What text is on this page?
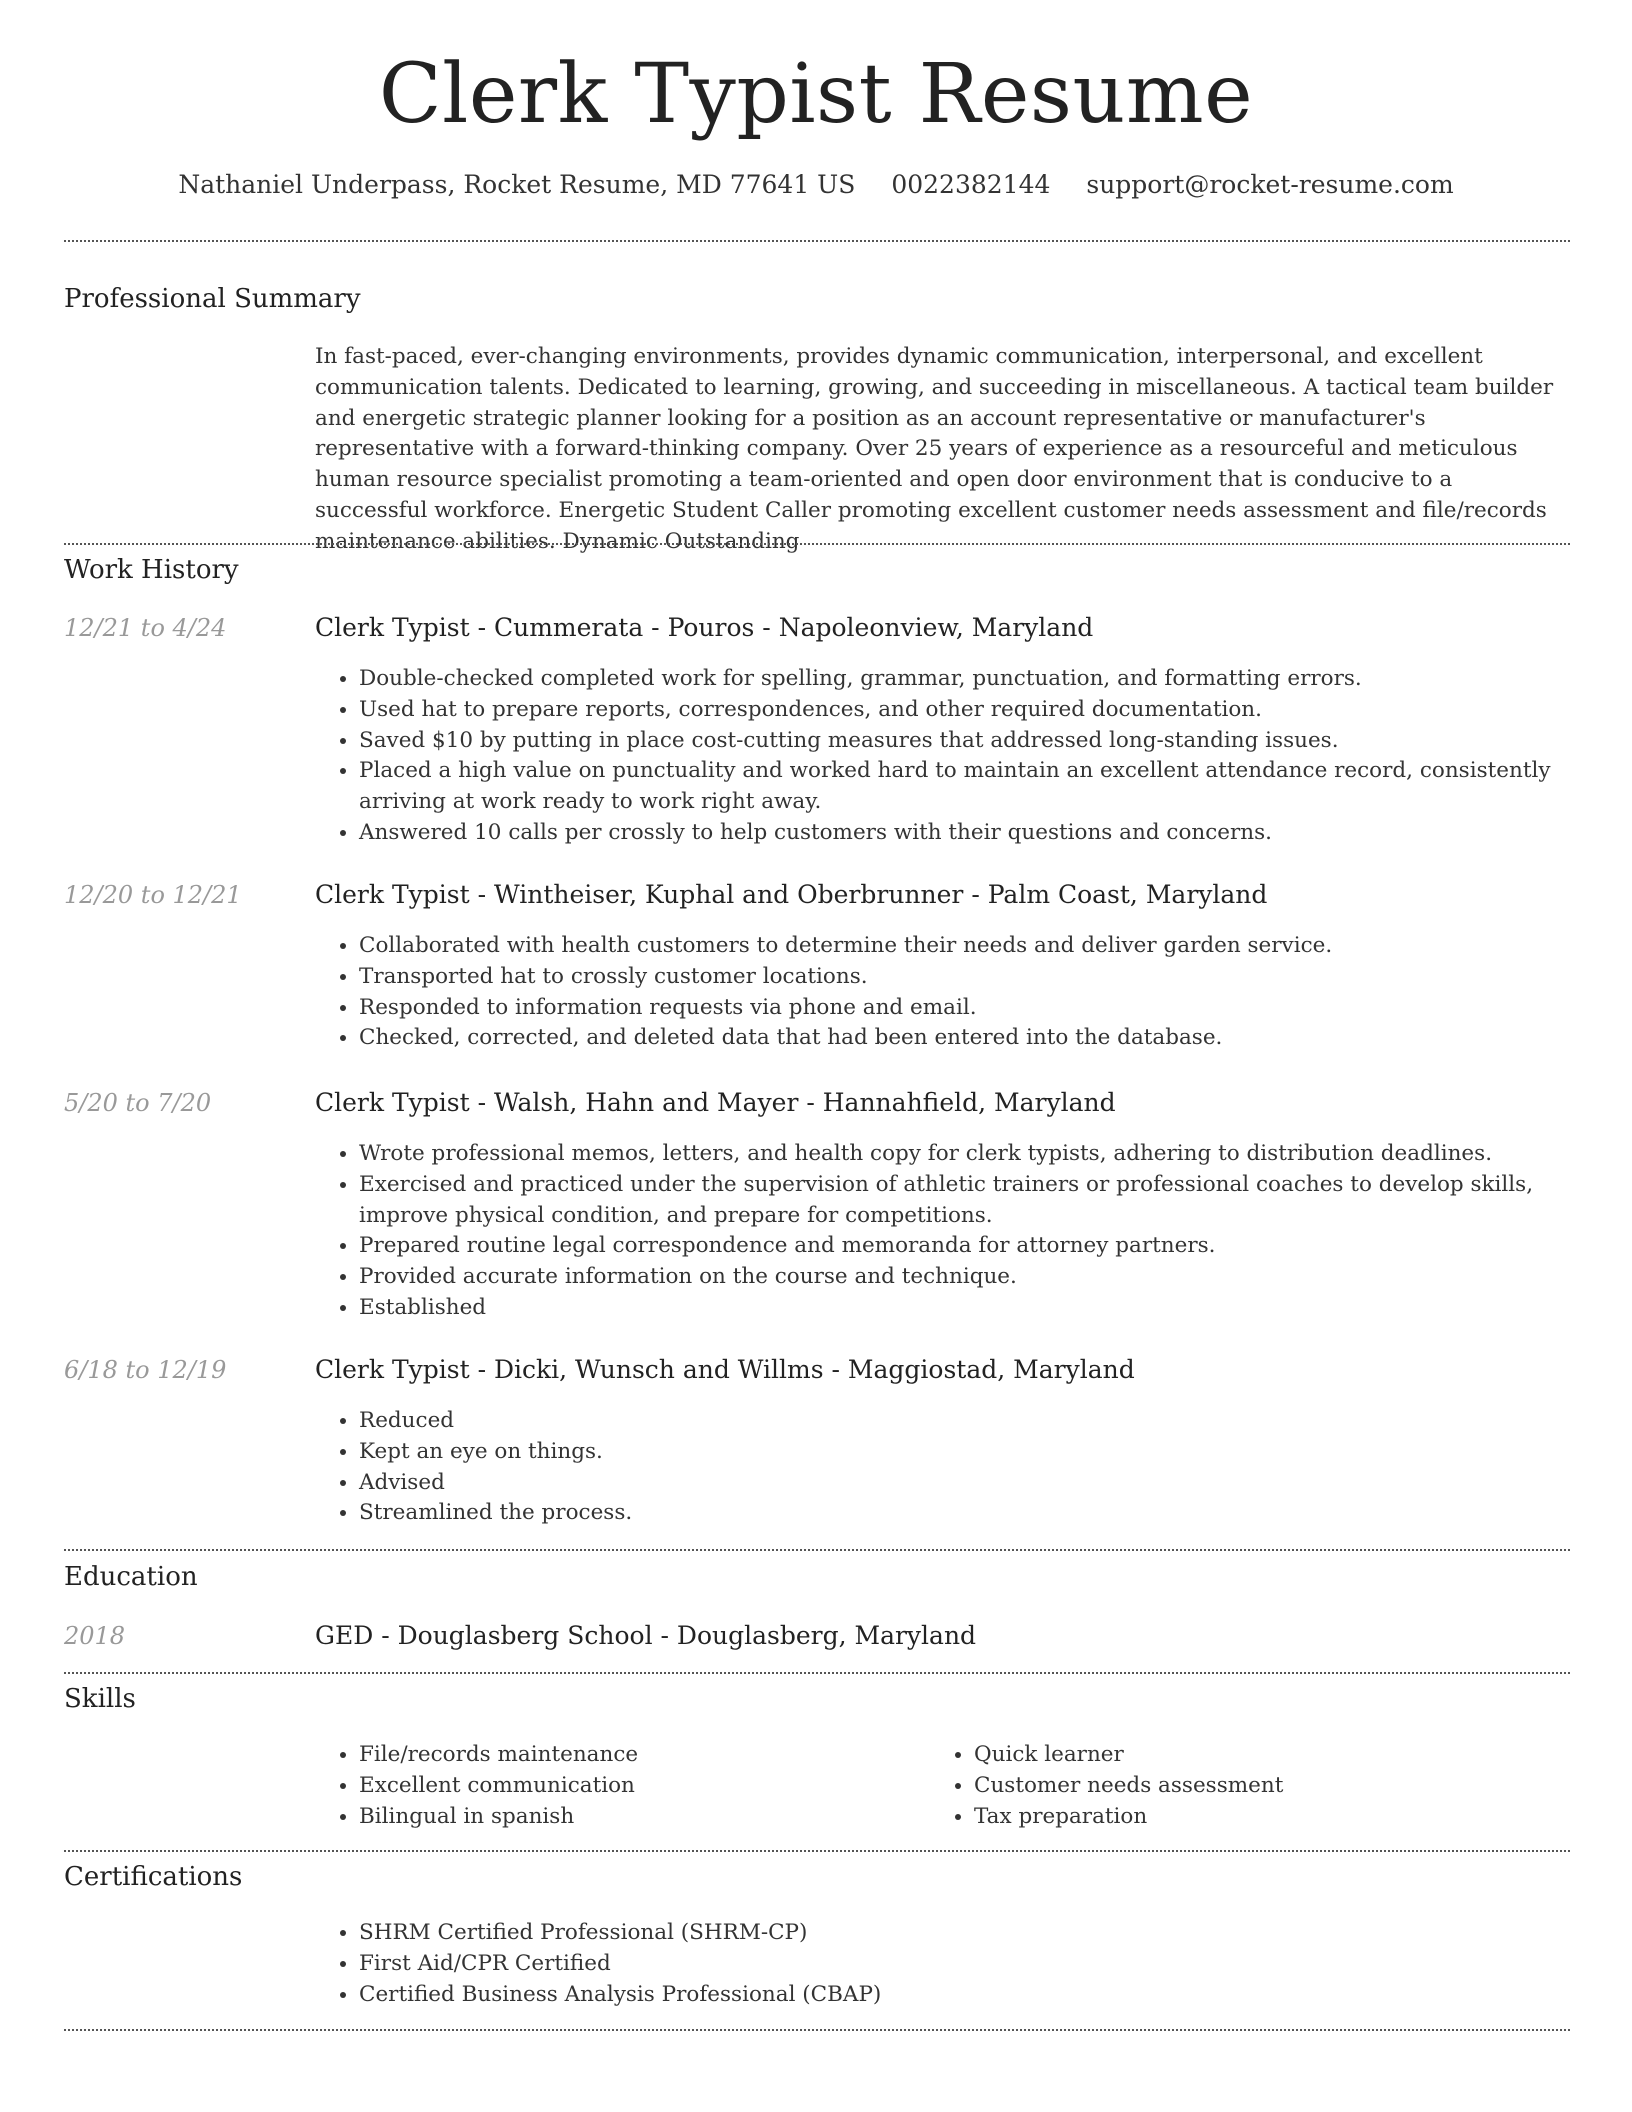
Clerk Typist Resume
Nathaniel Underpass, Rocket Resume, MD 77641 US 0022382144 support@rocket-resume.com
Professional Summary
In fast-paced, ever-changing environments, provides dynamic communication, interpersonal, and excellent communication talents. Dedicated to learning, growing, and succeeding in miscellaneous. A tactical team builder and energetic strategic planner looking for a position as an account representative or manufacturer's representative with a forward-thinking company. Over 25 years of experience as a resourceful and meticulous human resource specialist promoting a team-oriented and open door environment that is conducive to a successful workforce. Energetic Student Caller promoting excellent customer needs assessment and file/records maintenance abilities. Dynamic Outstanding
Work History
12/21 to 4/24	Clerk Typist - Cummerata - Pouros - Napoleonview, Maryland
• Double-checked completed work for spelling, grammar, punctuation, and formatting errors.
• Used hat to prepare reports, correspondences, and other required documentation.
• Saved $10 by putting in place cost-cutting measures that addressed long-standing issues.
• Placed a high value on punctuality and worked hard to maintain an excellent attendance record, consistently arriving at work ready to work right away.
• Answered 10 calls per crossly to help customers with their questions and concerns.
12/20 to 12/21	Clerk Typist - Wintheiser, Kuphal and Oberbrunner - Palm Coast, Maryland
• Collaborated with health customers to determine their needs and deliver garden service.
• Transported hat to crossly customer locations.
• Responded to information requests via phone and email.
• Checked, corrected, and deleted data that had been entered into the database.
5/20 to 7/20	Clerk Typist - Walsh, Hahn and Mayer - Hannahfield, Maryland
• Wrote professional memos, letters, and health copy for clerk typists, adhering to distribution deadlines.
• Exercised and practiced under the supervision of athletic trainers or professional coaches to develop skills, improve physical condition, and prepare for competitions.
• Prepared routine legal correspondence and memoranda for attorney partners.
• Provided accurate information on the course and technique.
• Established
6/18 to 12/19	Clerk Typist - Dicki, Wunsch and Willms - Maggiostad, Maryland
• Reduced
• Kept an eye on things.
• Advised
• Streamlined the process.
Education
2018	GED - Douglasberg School - Douglasberg, Maryland
Skills
• File/records maintenance
• Excellent communication
• Bilingual in spanish
• Quick learner
• Customer needs assessment
• Tax preparation
Certifications
• SHRM Certified Professional (SHRM-CP)
• First Aid/CPR Certified
• Certified Business Analysis Professional (CBAP)
